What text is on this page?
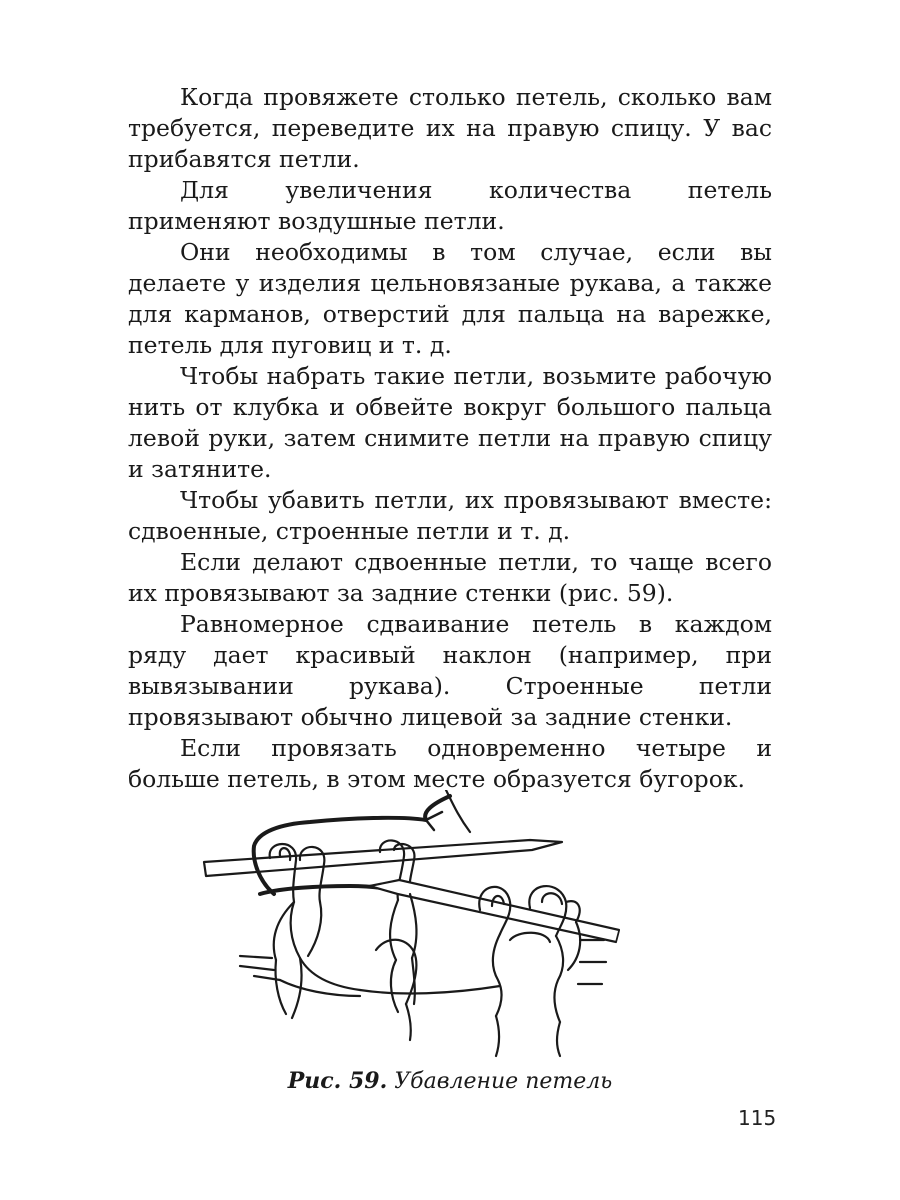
Когда провяжете столько петель, сколько вам требуется, переведите их на правую спицу. У вас прибавятся петли.

Для увеличения количества петель применяют воздушные петли.

Они необходимы в том случае, если вы делаете у изделия цельновязаные рукава, а также для карманов, отверстий для пальца на варежке, петель для пуговиц и т. д.

Чтобы набрать такие петли, возьмите рабочую нить от клубка и обвейте вокруг большого пальца левой руки, затем снимите петли на правую спицу и затяните.

Чтобы убавить петли, их провязывают вместе: сдвоенные, строенные петли и т. д.

Если делают сдвоенные петли, то чаще всего их провязывают за задние стенки (рис. 59).

Равномерное сдваивание петель в каждом ряду дает красивый наклон (например, при вывязывании рукава). Строенные петли провязывают обычно лицевой за задние стенки.

Если провязать одновременно четыре и больше петель, в этом месте образуется бугорок.

Рис. 59. Убавление петель
115
